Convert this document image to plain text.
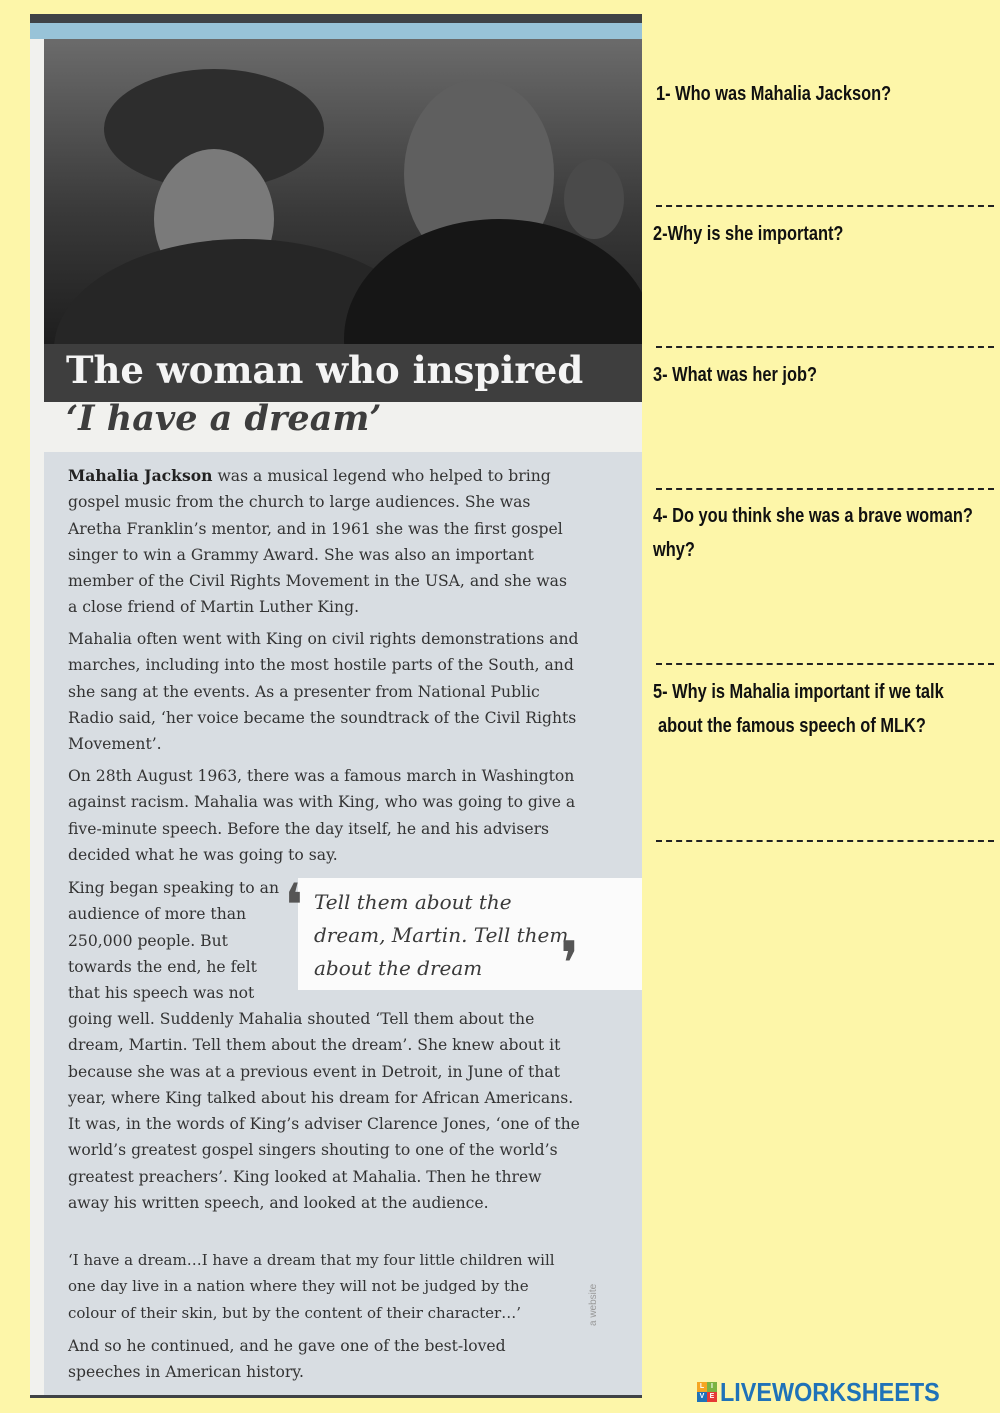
The woman who inspired
‘I have a dream’

Mahalia Jackson was a musical legend who helped to bring gospel music from the church to large audiences. She was Aretha Franklin’s mentor, and in 1961 she was the first gospel singer to win a Grammy Award. She was also an important member of the Civil Rights Movement in the USA, and she was a close friend of Martin Luther King.

Mahalia often went with King on civil rights demonstrations and marches, including into the most hostile parts of the South, and she sang at the events. As a presenter from National Public Radio said, ‘her voice became the soundtrack of the Civil Rights Movement’.

On 28th August 1963, there was a famous march in Washington against racism. Mahalia was with King, who was going to give a five-minute speech. Before the day itself, he and his advisers decided what he was going to say.

King began speaking to an audience of more than 250,000 people. But towards the end, he felt that his speech was not

❛ Tell them about the dream, Martin. Tell them about the dream	❜

going well. Suddenly Mahalia shouted ‘Tell them about the dream, Martin. Tell them about the dream’. She knew about it because she was at a previous event in Detroit, in June of that year, where King talked about his dream for African Americans. It was, in the words of King’s adviser Clarence Jones, ‘one of the world’s greatest gospel singers shouting to one of the world’s greatest preachers’. King looked at Mahalia. Then he threw away his written speech, and looked at the audience.

‘I have a dream…I have a dream that my four little children will one day live in a nation where they will not be judged by the colour of their skin, but by the content of their character…’

And so he continued, and he gave one of the best-loved speeches in American history.

a website

1- Who was Mahalia Jackson?

2-Why is she important?

3- What was her job?

4- Do you think she was a brave woman?

why?

5- Why is Mahalia important if we talk

about the famous speech of MLK?

L I
V E LIVEWORKSHEETS
